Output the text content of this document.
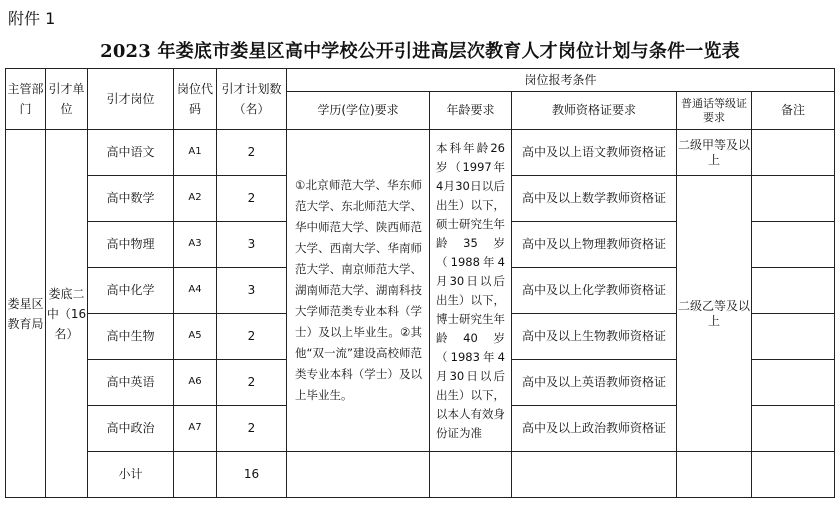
附件 1
2023 年娄底市娄星区高中学校公开引进高层次教育人才岗位计划与条件一览表
主管部门	引才单位	引才岗位	岗位代码	引才计划数（名）	岗位报考条件				
					学历(学位)要求	年龄要求	教师资格证要求	普通话等级证要求	备注
娄星区教育局	娄底二中（16名）	高中语文	A1	2	①北京师范大学、华东师范大学、东北师范大学、华中师范大学、陕西师范大学、西南大学、华南师范大学、南京师范大学、湖南师范大学、湖南科技大学师范类专业本科（学士）及以上毕业生。②其他“双一流”建设高校师范类专业本科（学士）及以上毕业生。	本科年龄26岁（1997年4月30日以后出生）以下，硕士研究生年龄35岁（1988年4月30日以后出生）以下，博士研究生年龄40岁（1983年4月30日以后出生）以下，以本人有效身份证为准	高中及以上语文教师资格证	二级甲等及以上	
		高中数学	A2	2			高中及以上数学教师资格证	二级乙等及以上	
		高中物理	A3	3			高中及以上物理教师资格证		
		高中化学	A4	3			高中及以上化学教师资格证		
		高中生物	A5	2			高中及以上生物教师资格证		
		高中英语	A6	2			高中及以上英语教师资格证		
		高中政治	A7	2			高中及以上政治教师资格证		
		小计		16					
